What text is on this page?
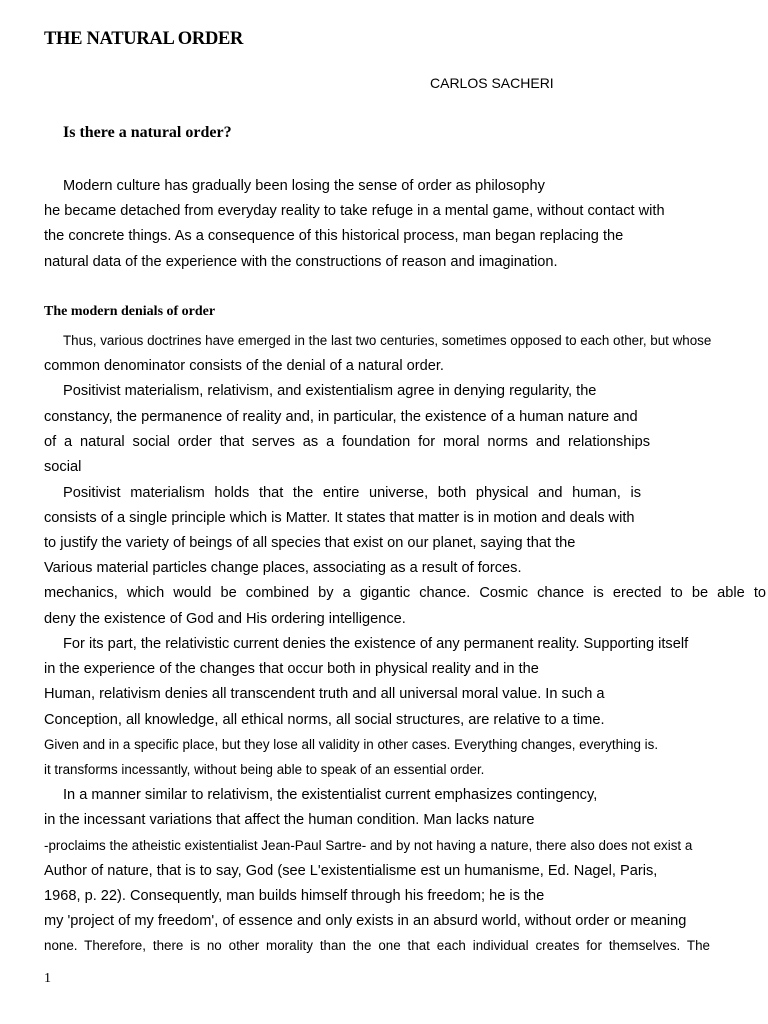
THE NATURAL ORDER
CARLOS SACHERI
Is there a natural order?
Modern culture has gradually been losing the sense of order as philosophy
he became detached from everyday reality to take refuge in a mental game, without contact with
the concrete things. As a consequence of this historical process, man began replacing the
natural data of the experience with the constructions of reason and imagination.
The modern denials of order
Thus, various doctrines have emerged in the last two centuries, sometimes opposed to each other, but whose
common denominator consists of the denial of a natural order.
Positivist materialism, relativism, and existentialism agree in denying regularity, the
constancy, the permanence of reality and, in particular, the existence of a human nature and
of a natural social order that serves as a foundation for moral norms and relationships
social
Positivist materialism holds that the entire universe, both physical and human, is
consists of a single principle which is Matter. It states that matter is in motion and deals with
to justify the variety of beings of all species that exist on our planet, saying that the
Various material particles change places, associating as a result of forces.
mechanics, which would be combined by a gigantic chance. Cosmic chance is erected to be able to
deny the existence of God and His ordering intelligence.
For its part, the relativistic current denies the existence of any permanent reality. Supporting itself
in the experience of the changes that occur both in physical reality and in the
Human, relativism denies all transcendent truth and all universal moral value. In such a
Conception, all knowledge, all ethical norms, all social structures, are relative to a time.
Given and in a specific place, but they lose all validity in other cases. Everything changes, everything is.
it transforms incessantly, without being able to speak of an essential order.
In a manner similar to relativism, the existentialist current emphasizes contingency,
in the incessant variations that affect the human condition. Man lacks nature
-proclaims the atheistic existentialist Jean-Paul Sartre- and by not having a nature, there also does not exist a
Author of nature, that is to say, God (see L'existentialisme est un humanisme, Ed. Nagel, Paris,
1968, p. 22). Consequently, man builds himself through his freedom; he is the
my 'project of my freedom', of essence and only exists in an absurd world, without order or meaning
none. Therefore, there is no other morality than the one that each individual creates for themselves. The
1
